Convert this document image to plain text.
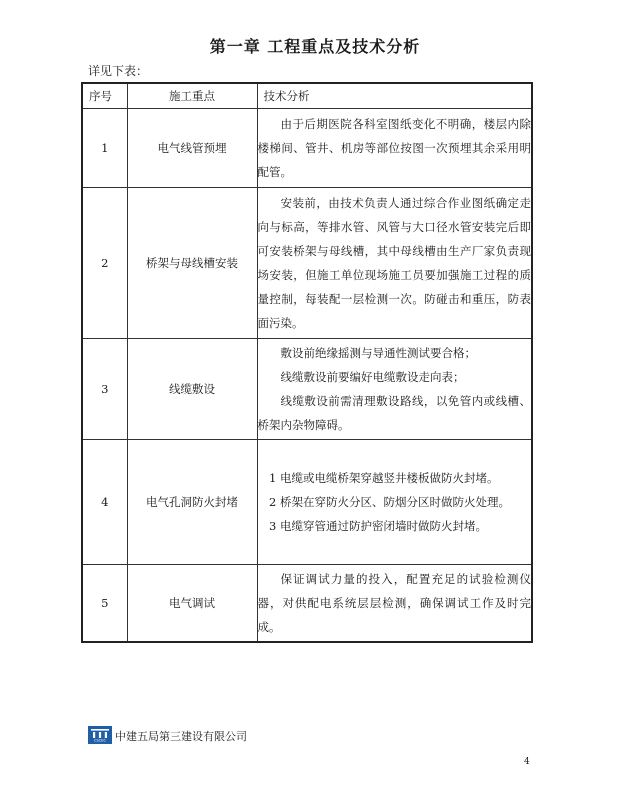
第一章 工程重点及技术分析
详见下表：
序号	施工重点	技术分析
1	电气线管预埋	由于后期医院各科室图纸变化不明确，楼层内除楼梯间、管井、机房等部位按图一次预埋其余采用明配管。

2	桥架与母线槽安装	安装前，由技术负责人通过综合作业图纸确定走向与标高，等排水管、风管与大口径水管安装完后即可安装桥架与母线槽，其中母线槽由生产厂家负责现场安装，但施工单位现场施工员要加强施工过程的质量控制，每装配一层检测一次。防碰击和重压，防表面污染。

3	线缆敷设	敷设前绝缘摇测与导通性测试要合格；

线缆敷设前要编好电缆敷设走向表；

线缆敷设前需清理敷设路线，以免管内或线槽、桥架内杂物障碍。

4	电气孔洞防火封堵	1 电缆或电缆桥架穿越竖井楼板做防火封堵。

2 桥架在穿防火分区、防烟分区时做防火处理。

3 电缆穿管通过防护密闭墙时做防火封堵。

5	电气调试	保证调试力量的投入，配置充足的试验检测仪器，对供配电系统层层检测，确保调试工作及时完成。

CSCEC 中建五局第三建设有限公司
4
